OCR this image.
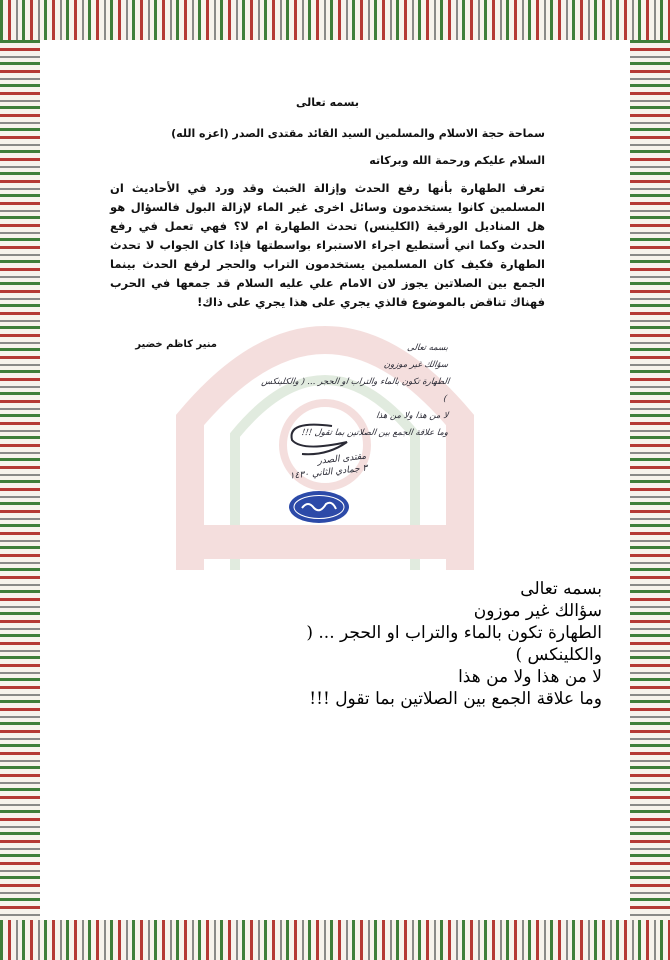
بسمه تعالى

سماحة حجة الاسلام والمسلمين السيد القائد مقتدى الصدر (اعزه الله)

السلام عليكم ورحمة الله وبركاته

تعرف الطهارة بأنها رفع الحدث وإزالة الخبث وقد ورد في الأحاديث ان المسلمين كانوا يستخدمون وسائل اخرى غير الماء لإزالة البول فالسؤال هو هل المناديل الورقية (الكلينس) تحدث الطهارة ام لا؟ فهي تعمل في رفع الحدث وكما اني أستطيع اجراء الاستبراء بواسطتها فإذا كان الجواب لا تحدث الطهارة فكيف كان المسلمين يستخدمون التراب والحجر لرفع الحدث بينما الجمع بين الصلاتين يجوز لان الامام علي عليه السلام قد جمعها في الحرب فهناك تناقض بالموضوع فالذي يجري على هذا يجري على ذاك!

منير كاظم خضير	بسمه تعالى
سؤالك غير موزون
الطهارة تكون بالماء والتراب او الحجر ... ( والكلينكس )
لا من هذا ولا من هذا
وما علاقة الجمع بين الصلاتين بما تقول !!!
مقتدى الصدر
٣ جمادي الثاني ١٤٣٠
بسمه تعالى
سؤالك غير موزون
الطهارة تكون بالماء والتراب او الحجر ... ( والكلينكس )
لا من هذا ولا من هذا
وما علاقة الجمع بين الصلاتين بما تقول !!!
